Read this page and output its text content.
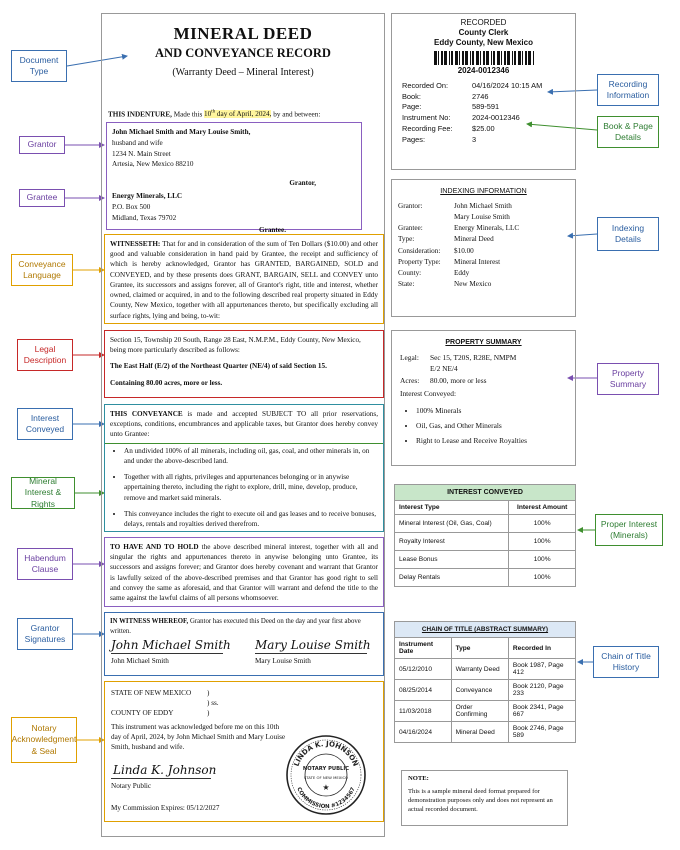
Document Type
Grantor
Grantee
Conveyance Language
Legal Description
Interest Conveyed
Mineral Interest & Rights
Habendum Clause
Grantor Signatures
Notary Acknowledgment & Seal
Recording Information
Book & Page Details
Indexing Details
Property Summary
Proper Interest (Minerals)
Chain of Title History
MINERAL DEED
AND CONVEYANCE RECORD
(Warranty Deed – Mineral Interest)
THIS INDENTURE, Made this 10th day of April, 2024, by and between:
John Michael Smith and Mary Louise Smith,
husband and wife
1234 N. Main Street
Artesia, New Mexico 88210
Grantor,
Energy Minerals, LLC
P.O. Box 500
Midland, Texas 79702
Grantee.
WITNESSETH: That for and in consideration of the sum of Ten Dollars ($10.00) and other good and valuable consideration in hand paid by Grantee, the receipt and sufficiency of which is hereby acknowledged, Grantor has GRANTED, BARGAINED, SOLD and CONVEYED, and by these presents does GRANT, BARGAIN, SELL and CONVEY unto Grantee, its successors and assigns forever, all of Grantor's right, title and interest, whether owned, claimed or acquired, in and to the following described real property situated in Eddy County, New Mexico, together with all appurtenances thereto, but specifically excluding all surface rights, lying and being, to-wit:
Section 15, Township 20 South, Range 28 East, N.M.P.M., Eddy County, New Mexico, being more particularly described as follows:
The East Half (E/2) of the Northeast Quarter (NE/4) of said Section 15.
Containing 80.00 acres, more or less.
THIS CONVEYANCE is made and accepted SUBJECT TO all prior reservations, exceptions, conditions, encumbrances and applicable taxes, but Grantor does hereby convey unto Grantee:
• An undivided 100% of all minerals, including oil, gas, coal, and other minerals in, on and under the above-described land.
• Together with all rights, privileges and appurtenances belonging or in anywise appertaining thereto, including the right to explore, drill, mine, develop, produce, remove and market said minerals.
• This conveyance includes the right to execute oil and gas leases and to receive bonuses, delays, rentals and royalties derived therefrom.
TO HAVE AND TO HOLD the above described mineral interest, together with all and singular the rights and appurtenances thereto in anywise belonging unto Grantee, its successors and assigns forever; and Grantor does hereby covenant and warrant that Grantor is lawfully seized of the above-described premises and that Grantor has good right to sell and convey the same as aforesaid, and that Grantor will warrant and defend the title to the same against the lawful claims of all persons whomsoever.
IN WITNESS WHEREOF, Grantor has executed this Deed on the day and year first above written.
John Michael Smith
John Michael Smith
Mary Louise Smith
Mary Louise Smith
STATE OF NEW MEXICO )
) ss.
)
COUNTY OF EDDY
This instrument was acknowledged before me on this 10th day of April, 2024, by John Michael Smith and Mary Louise Smith, husband and wife.
Linda K. Johnson
Notary Public
My Commission Expires: 05/12/2027
LINDA K. JOHNSON
COMMISSION #1234567
NOTARY PUBLIC
STATE OF NEW MEXICO
★
RECORDED
County Clerk
Eddy County, New Mexico
2024-0012346
Recorded On:	04/16/2024 10:15 AM
Book:	2746
Page:	589-591
Instrument No:	2024-0012346
Recording Fee:	$25.00
Pages:	3
INDEXING INFORMATION
Grantor:	John Michael Smith
Mary Louise Smith
Grantee:	Energy Minerals, LLC
Type:	Mineral Deed
Consideration:	$10.00
Property Type:	Mineral Interest
County:	Eddy
State:	New Mexico
PROPERTY SUMMARY
Legal:	Sec 15, T20S, R28E, NMPM
E/2 NE/4
Acres:	80.00, more or less
Interest Conveyed:
• 100% Minerals
• Oil, Gas, and Other Minerals
• Right to Lease and Receive Royalties
INTEREST CONVEYED	
Interest Type	Interest Amount
Mineral Interest (Oil, Gas, Coal)	100%
Royalty Interest	100%
Lease Bonus	100%
Delay Rentals	100%
CHAIN OF TITLE (ABSTRACT SUMMARY)		
Instrument Date	Type	Recorded In
05/12/2010	Warranty Deed	Book 1987, Page 412
08/25/2014	Conveyance	Book 2120, Page 233
11/03/2018	Order Confirming	Book 2341, Page 667
04/16/2024	Mineral Deed	Book 2746, Page 589
NOTE:
This is a sample mineral deed format prepared for demonstration purposes only and does not represent an actual recorded document.
